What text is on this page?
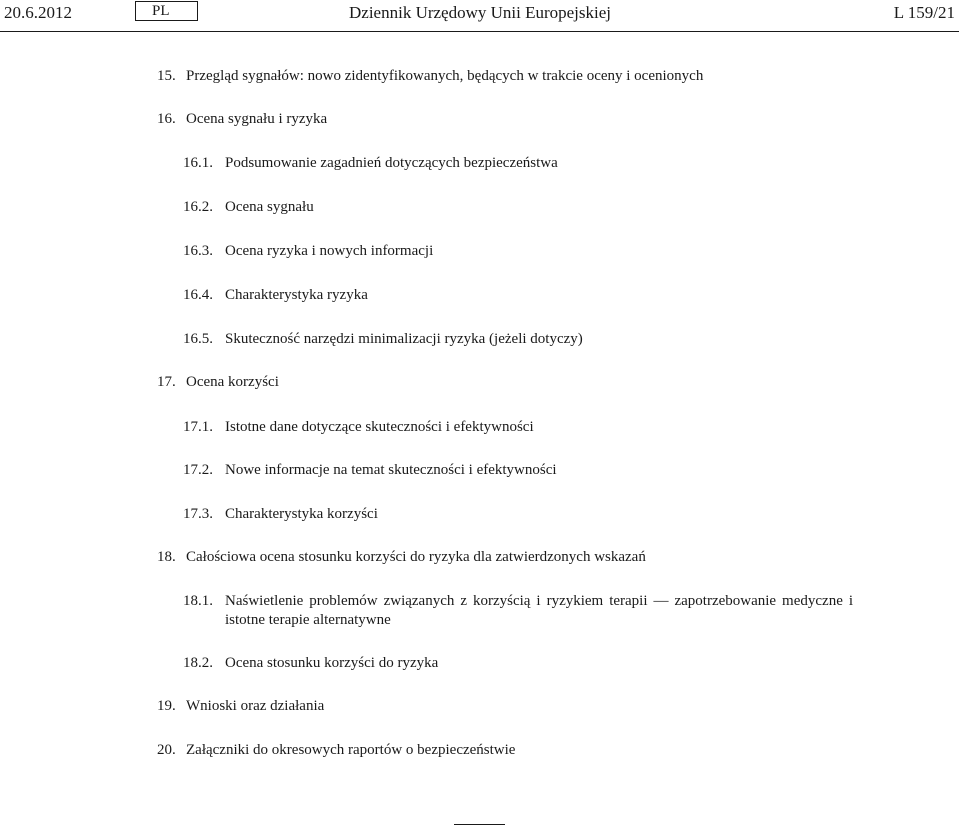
20.6.2012	PL	Dziennik Urzędowy Unii Europejskiej	L 159/21
15. Przegląd sygnałów: nowo zidentyfikowanych, będących w trakcie oceny i ocenionych
16. Ocena sygnału i ryzyka
16.1. Podsumowanie zagadnień dotyczących bezpieczeństwa
16.2. Ocena sygnału
16.3. Ocena ryzyka i nowych informacji
16.4. Charakterystyka ryzyka
16.5. Skuteczność narzędzi minimalizacji ryzyka (jeżeli dotyczy)
17. Ocena korzyści
17.1. Istotne dane dotyczące skuteczności i efektywności
17.2. Nowe informacje na temat skuteczności i efektywności
17.3. Charakterystyka korzyści
18. Całościowa ocena stosunku korzyści do ryzyka dla zatwierdzonych wskazań
18.1. Naświetlenie problemów związanych z korzyścią i ryzykiem terapii — zapotrzebowanie medyczne i istotne terapie alternatywne
18.2. Ocena stosunku korzyści do ryzyka
19. Wnioski oraz działania
20. Załączniki do okresowych raportów o bezpieczeństwie
